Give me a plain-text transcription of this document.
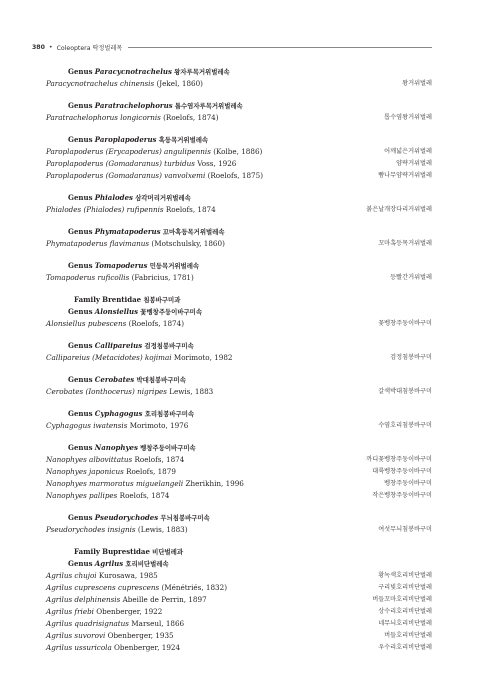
380 • Coleoptera 딱정벌레목
Genus Paracycnotrachelus 왕자루목거위벌레속
Paracycnotrachelus chinensis (Jekel, 1860)	왕거위벌레
Genus Paratrachelophorus 톱수염자루목거위벌레속
Paratrachelophorus longicornis (Roelofs, 1874)	톱수염왕거위벌레
Genus Paroplapoderus 혹등목거위벌레속
Paroplapoderus (Erycapoderus) angulipennis (Kolbe, 1886)	어깨넓은거위벌레
Paroplapoderus (Gomadaranus) turbidus Voss, 1926	얌략거위벌레
Paroplapoderus (Gomadaranus) vanvolxemi (Roelofs, 1875)	뺨나무얌략거위벌레
Genus Phialodes 삼각머리거위벌레속
Phialodes (Phialodes) rufipennis Roelofs, 1874	붉은날개장다리거위벌레
Genus Phymatapoderus 꼬마혹등목거위벌레속
Phymatapoderus flavimanus (Motschulsky, 1860)	꼬마혹등목거위벌레
Genus Tomapoderus 민등목거위벌레속
Tomapoderus ruficollis (Fabricius, 1781)	등빨간거위벌레
Family Brentidae 침봉바구미과
Genus Alonsiellus 꽃벵창주둥이바구미속
Alonsiellus pubescens (Roelofs, 1874)	꽃벵창주둥이바구미
Genus Callipareius 검정침봉바구미속
Callipareius (Metacidotes) kojimai Morimoto, 1982	검정침봉바구미
Genus Cerobates 박대침봉바구미속
Cerobates (Ionthocerus) nigripes Lewis, 1883	갈색박대침봉바구미
Genus Cyphagogus 호리침봉바구미속
Cyphagogus iwatensis Morimoto, 1976	수염호리침봉바구미
Genus Nanophyes 벵창주둥이바구미속
Nanophyes albovittatus Roelofs, 1874	까디꽃벵창주둥이바구미
Nanophyes japonicus Roelofs, 1879	대륙벵창주둥이바구미
Nanophyes marmoratus miguelangeli Zherikhin, 1996	벵창주둥이바구미
Nanophyes pallipes Roelofs, 1874	작은벵창주둥이바구미
Genus Pseudorychodes 무늬침봉바구미속
Pseudorychodes insignis (Lewis, 1883)	여섯무늬침봉바구미
Family Buprestidae 비단벌레과
Genus Agrilus 호리비단벌레속
Agrilus chujoi Kurosawa, 1985	황녹색호리비단벌레
Agrilus cuprescens cuprescens (Ménétriés, 1832)	구리빛호리비단벌레
Agrilus delphinensis Abeille de Perrin, 1897	버들꼬마호리비단벌레
Agrilus friebi Obenberger, 1922	상수리호리비단벌레
Agrilus quadrisignatus Marseul, 1866	네무늬호리비단벌레
Agrilus suvorovi Obenberger, 1935	버들호리비단벌레
Agrilus ussuricola Obenberger, 1924	우수리호리비단벌레
